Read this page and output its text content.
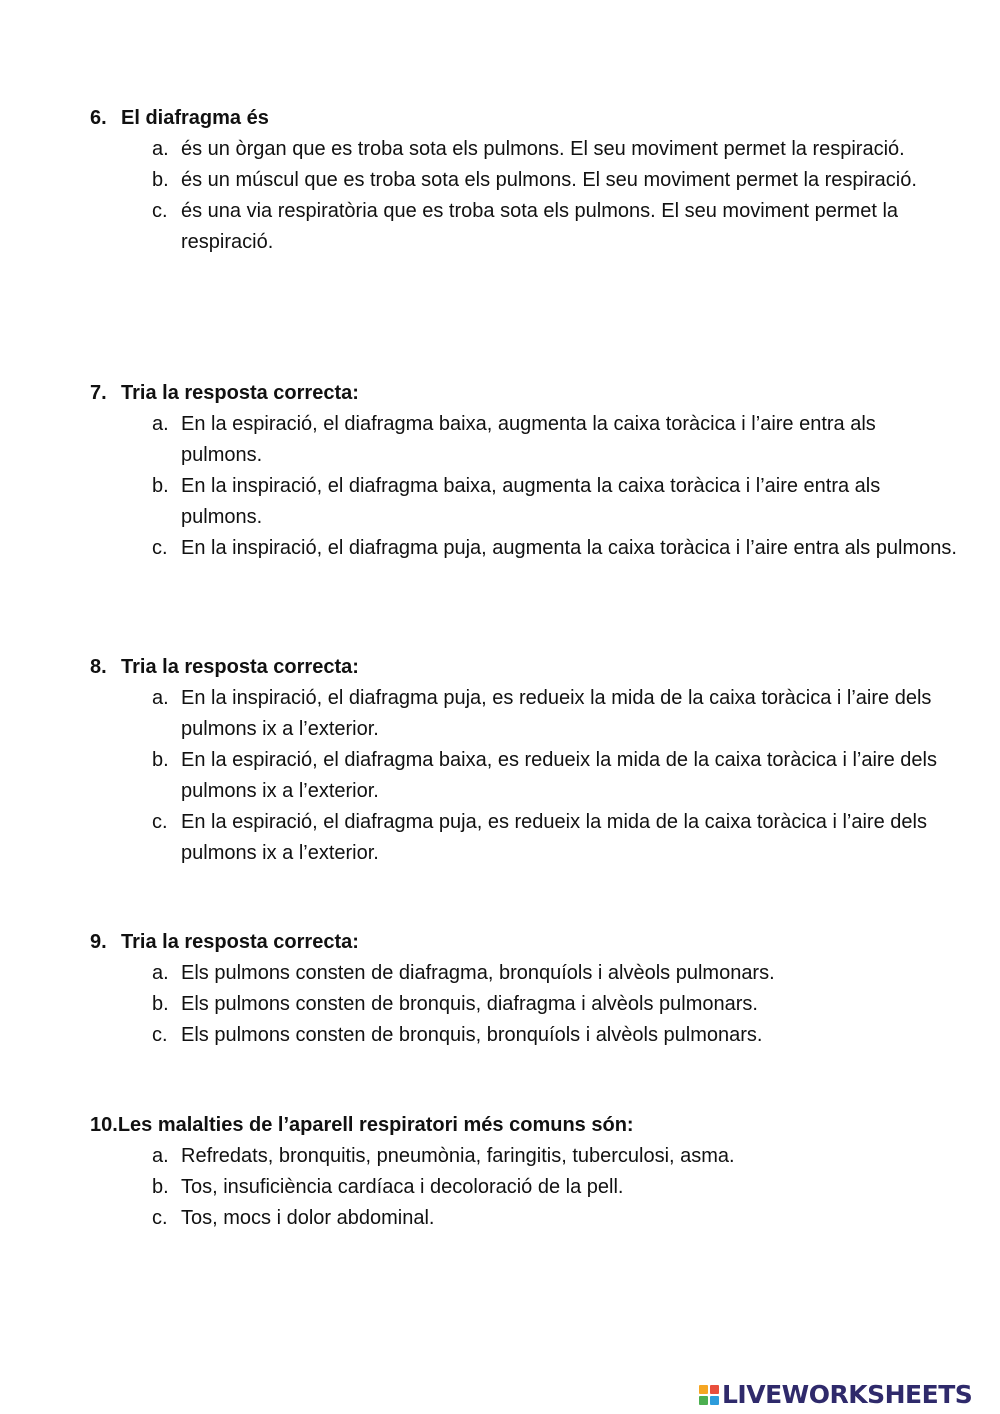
6. El diafragma és
a. és un òrgan que es troba sota els pulmons. El seu moviment permet la respiració.
b. és un múscul que es troba sota els pulmons. El seu moviment permet la respiració.
c. és una via respiratòria que es troba sota els pulmons. El seu moviment permet la respiració.
7. Tria la resposta correcta:
a. En la espiració, el diafragma baixa, augmenta la caixa toràcica i l’aire entra als pulmons.
b. En la inspiració, el diafragma baixa, augmenta la caixa toràcica i l’aire entra als pulmons.
c. En la inspiració, el diafragma puja, augmenta la caixa toràcica i l’aire entra als pulmons.
8. Tria la resposta correcta:
a. En la inspiració, el diafragma puja, es redueix la mida de la caixa toràcica i l’aire dels pulmons ix a l’exterior.
b. En la espiració, el diafragma baixa, es redueix la mida de la caixa toràcica i l’aire dels pulmons ix a l’exterior.
c. En la espiració, el diafragma puja, es redueix la mida de la caixa toràcica i l’aire dels pulmons ix a l’exterior.
9. Tria la resposta correcta:
a. Els pulmons consten de diafragma, bronquíols i alvèols pulmonars.
b. Els pulmons consten de bronquis, diafragma i alvèols pulmonars.
c. Els pulmons consten de bronquis, bronquíols i alvèols pulmonars.
10.Les malalties de l’aparell respiratori més comuns són:
a. Refredats, bronquitis, pneumònia, faringitis, tuberculosi, asma.
b. Tos, insuficiència cardíaca i decoloració de la pell.
c. Tos, mocs i dolor abdominal.
LIVEWORKSHEETS
